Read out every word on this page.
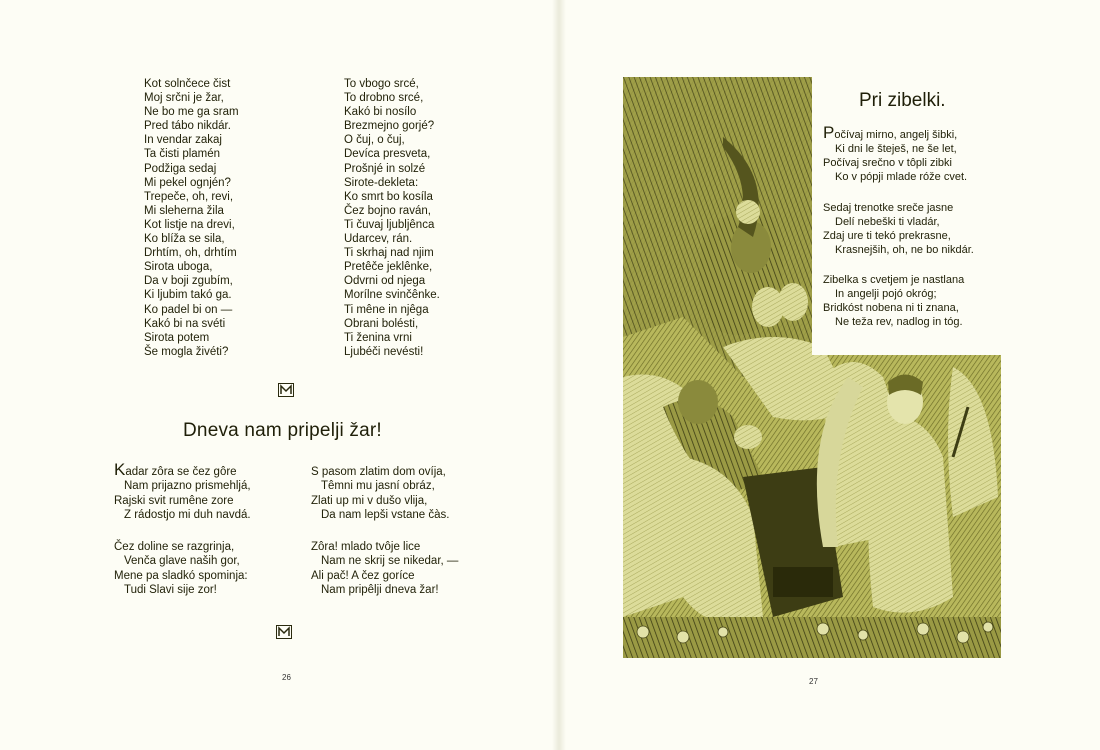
Kot solnčece čist
Moj srčni je žar,
Ne bo me ga sram
Pred tábo nikdár.
In vendar zakaj
Ta čisti plamén
Podžiga sedaj
Mi pekel ognjén?
Trepeče, oh, revi,
Mi sleherna žila
Kot listje na drevi,
Ko blíža se sila,
Drhtím, oh, drhtím
Sirota uboga,
Da v boji zgubím,
Ki ljubim takó ga.
Ko padel bi on —
Kakó bi na svéti
Sirota potem
Še mogla živéti?
To vbogo srcé,
To drobno srcé,
Kakó bi nosílo
Brezmejno gorjé?
O čuj, o čuj,
Devíca presveta,
Prošnjé in solzé
Sirote-dekleta:
Ko smrt bo kosíla
Čez bojno raván,
Ti čuvaj ljubljênca
Udarcev, rán.
Ti skrhaj nad njim
Pretêče jeklênke,
Odvrni od njega
Morílne svinčênke.
Ti mêne in njêga
Obrani bolésti,
Ti ženina vrni
Ljubéči nevésti!
Dneva nam pripelji žar!
Kadar zôra se čez gôre
Nam prijazno prismehljá,
Rajski svit rumêne zore
Z rádostjo mi duh navdá.
Čez doline se razgrinja,
Venča glave naših gor,
Mene pa sladkó spominja:
Tudi Slavi sije zor!
S pasom zlatim dom ovíja,
Têmni mu jasní obráz,
Zlati up mi v dušo vlija,
Da nam lepši vstane čàs.
Zôra! mlado tvôje lice
Nam ne skrij se nikedar, —
Ali pač! A čez goríce
Nam pripêlji dneva žar!
26
Pri zibelki.
Počívaj mirno, angelj šibki,
Ki dni le šteješ, ne še let,
Počívaj srečno v tôpli zibki
Ko v pópji mlade róže cvet.
Sedaj trenotke sreče jasne
Delí nebeški ti vladár,
Zdaj ure ti tekó prekrasne,
Krasnejših, oh, ne bo nikdár.
Zibelka s cvetjem je nastlana
In angelji pojó okróg;
Bridkóst nobena ni ti znana,
Ne teža rev, nadlog in tóg.
27
